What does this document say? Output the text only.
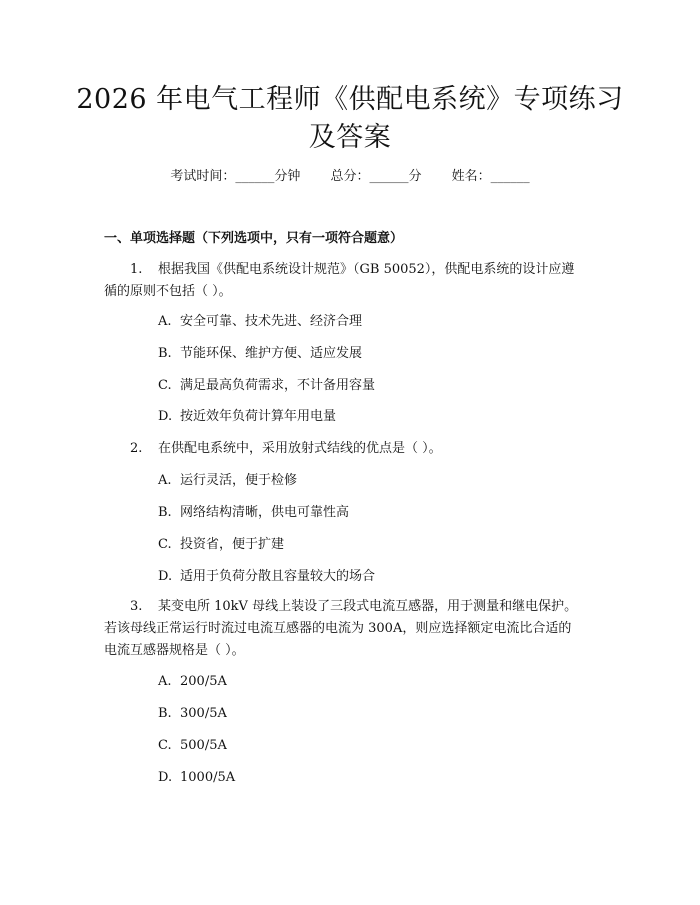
2026 年电气工程师《供配电系统》专项练习
及答案
考试时间：______分钟 总分：______分 姓名：______
一、单项选择题（下列选项中，只有一项符合题意）
1. 根据我国《供配电系统设计规范》（GB 50052），供配电系统的设计应遵
循的原则不包括（ ）。
A. 安全可靠、技术先进、经济合理
B. 节能环保、维护方便、适应发展
C. 满足最高负荷需求，不计备用容量
D. 按近效年负荷计算年用电量
2. 在供配电系统中，采用放射式结线的优点是（ ）。
A. 运行灵活，便于检修
B. 网络结构清晰，供电可靠性高
C. 投资省，便于扩建
D. 适用于负荷分散且容量较大的场合
3. 某变电所 10kV 母线上装设了三段式电流互感器，用于测量和继电保护。
若该母线正常运行时流过电流互感器的电流为 300A，则应选择额定电流比合适的
电流互感器规格是（ ）。
A. 200/5A
B. 300/5A
C. 500/5A
D. 1000/5A
